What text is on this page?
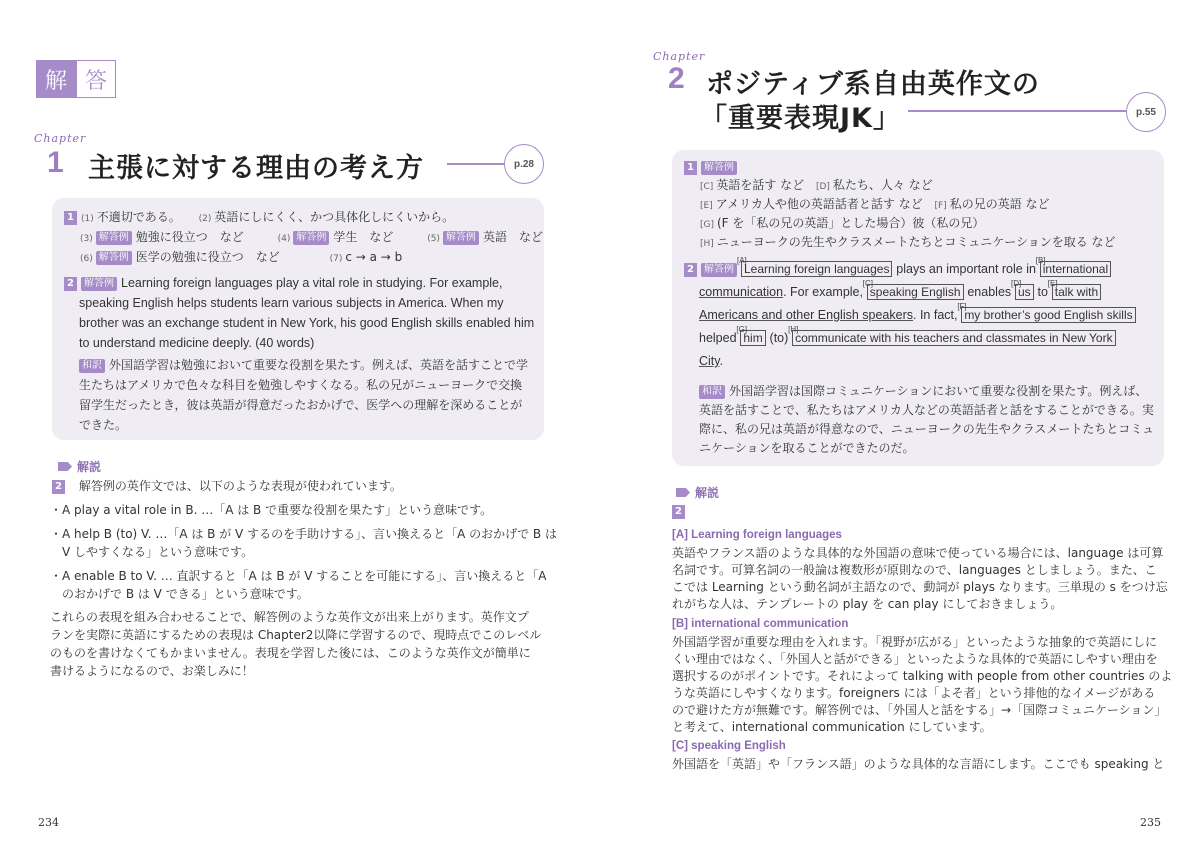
解 答
Chapter
1 主張に対する理由の考え方	p.28
1 (1) 不適切である。 (2) 英語にしにくく、かつ具体化しにくいから。
(3) 解答例 勉強に役立つ　など	(4) 解答例 学生　など	(5) 解答例 英語　など
(6) 解答例 医学の勉強に役立つ　など	(7) c → a → b
2 解答例 Learning foreign languages play a vital role in studying. For example,
speaking English helps students learn various subjects in America. When my
brother was an exchange student in New York, his good English skills enabled him
to understand medicine deeply. (40 words)
和訳 外国語学習は勉強において重要な役割を果たす。例えば、英語を話すことで学
生たちはアメリカで色々な科目を勉強しやすくなる。私の兄がニューヨークで交換
留学生だったとき，彼は英語が得意だったおかげで、医学への理解を深めることが
できた。
解説
2 解答例の英作文では、以下のような表現が使われています。
・A play a vital role in B. …「A は B で重要な役割を果たす」という意味です。
・A help B (to) V. …「A は B が V するのを手助けする」、言い換えると「A のおかげで B は
　V しやすくなる」という意味です。
・A enable B to V. … 直訳すると「A は B が V することを可能にする」、言い換えると「A
　のおかげで B は V できる」という意味です。
これらの表現を組み合わせることで、解答例のような英作文が出来上がります。英作文プ
ランを実際に英語にするための表現は Chapter2以降に学習するので、現時点でこのレベル
のものを書けなくてもかまいません。表現を学習した後には、このような英作文が簡単に
書けるようになるので、お楽しみに！
234
Chapter
2 ポジティブ系自由英作文の
「重要表現JK」	p.55
1 解答例
[C] 英語を話す など [D] 私たち、人々 など
[E] アメリカ人や他の英語話者と話す など [F] 私の兄の英語 など
[G] (F を「私の兄の英語」とした場合）彼（私の兄）
[H] ニューヨークの先生やクラスメートたちとコミュニケーションを取る など
2 解答例
[A]
Learning foreign languages plays an important role in
[B]
international
communication. For example,
[C]
speaking English enables
[D]
us to
[E]
talk with
Americans and other English speakers. In fact,
[F]
my brother’s good English skills
helped
[G]
him (to)
[H]
communicate with his teachers and classmates in New York
City.
和訳 外国語学習は国際コミュニケーションにおいて重要な役割を果たす。例えば、
英語を話すことで、私たちはアメリカ人などの英語話者と話をすることができる。実
際に、私の兄は英語が得意なので、ニューヨークの先生やクラスメートたちとコミュ
ニケーションを取ることができたのだ。
解説
2
[A] Learning foreign languages
英語やフランス語のような具体的な外国語の意味で使っている場合には、language は可算
名詞です。可算名詞の一般論は複数形が原則なので、languages としましょう。また、こ
こでは Learning という動名詞が主語なので、動詞が plays なります。三単現の s をつけ忘
れがちな人は、テンプレートの play を can play にしておきましょう。
[B] international communication
外国語学習が重要な理由を入れます。「視野が広がる」といったような抽象的で英語にしに
くい理由ではなく、「外国人と話ができる」といったような具体的で英語にしやすい理由を
選択するのがポイントです。それによって talking with people from other countries のよ
うな英語にしやすくなります。foreigners には「よそ者」という排他的なイメージがある
ので避けた方が無難です。解答例では、「外国人と話をする」→「国際コミュニケーション」
と考えて、international communication にしています。
[C] speaking English
外国語を「英語」や「フランス語」のような具体的な言語にします。ここでも speaking と
235
